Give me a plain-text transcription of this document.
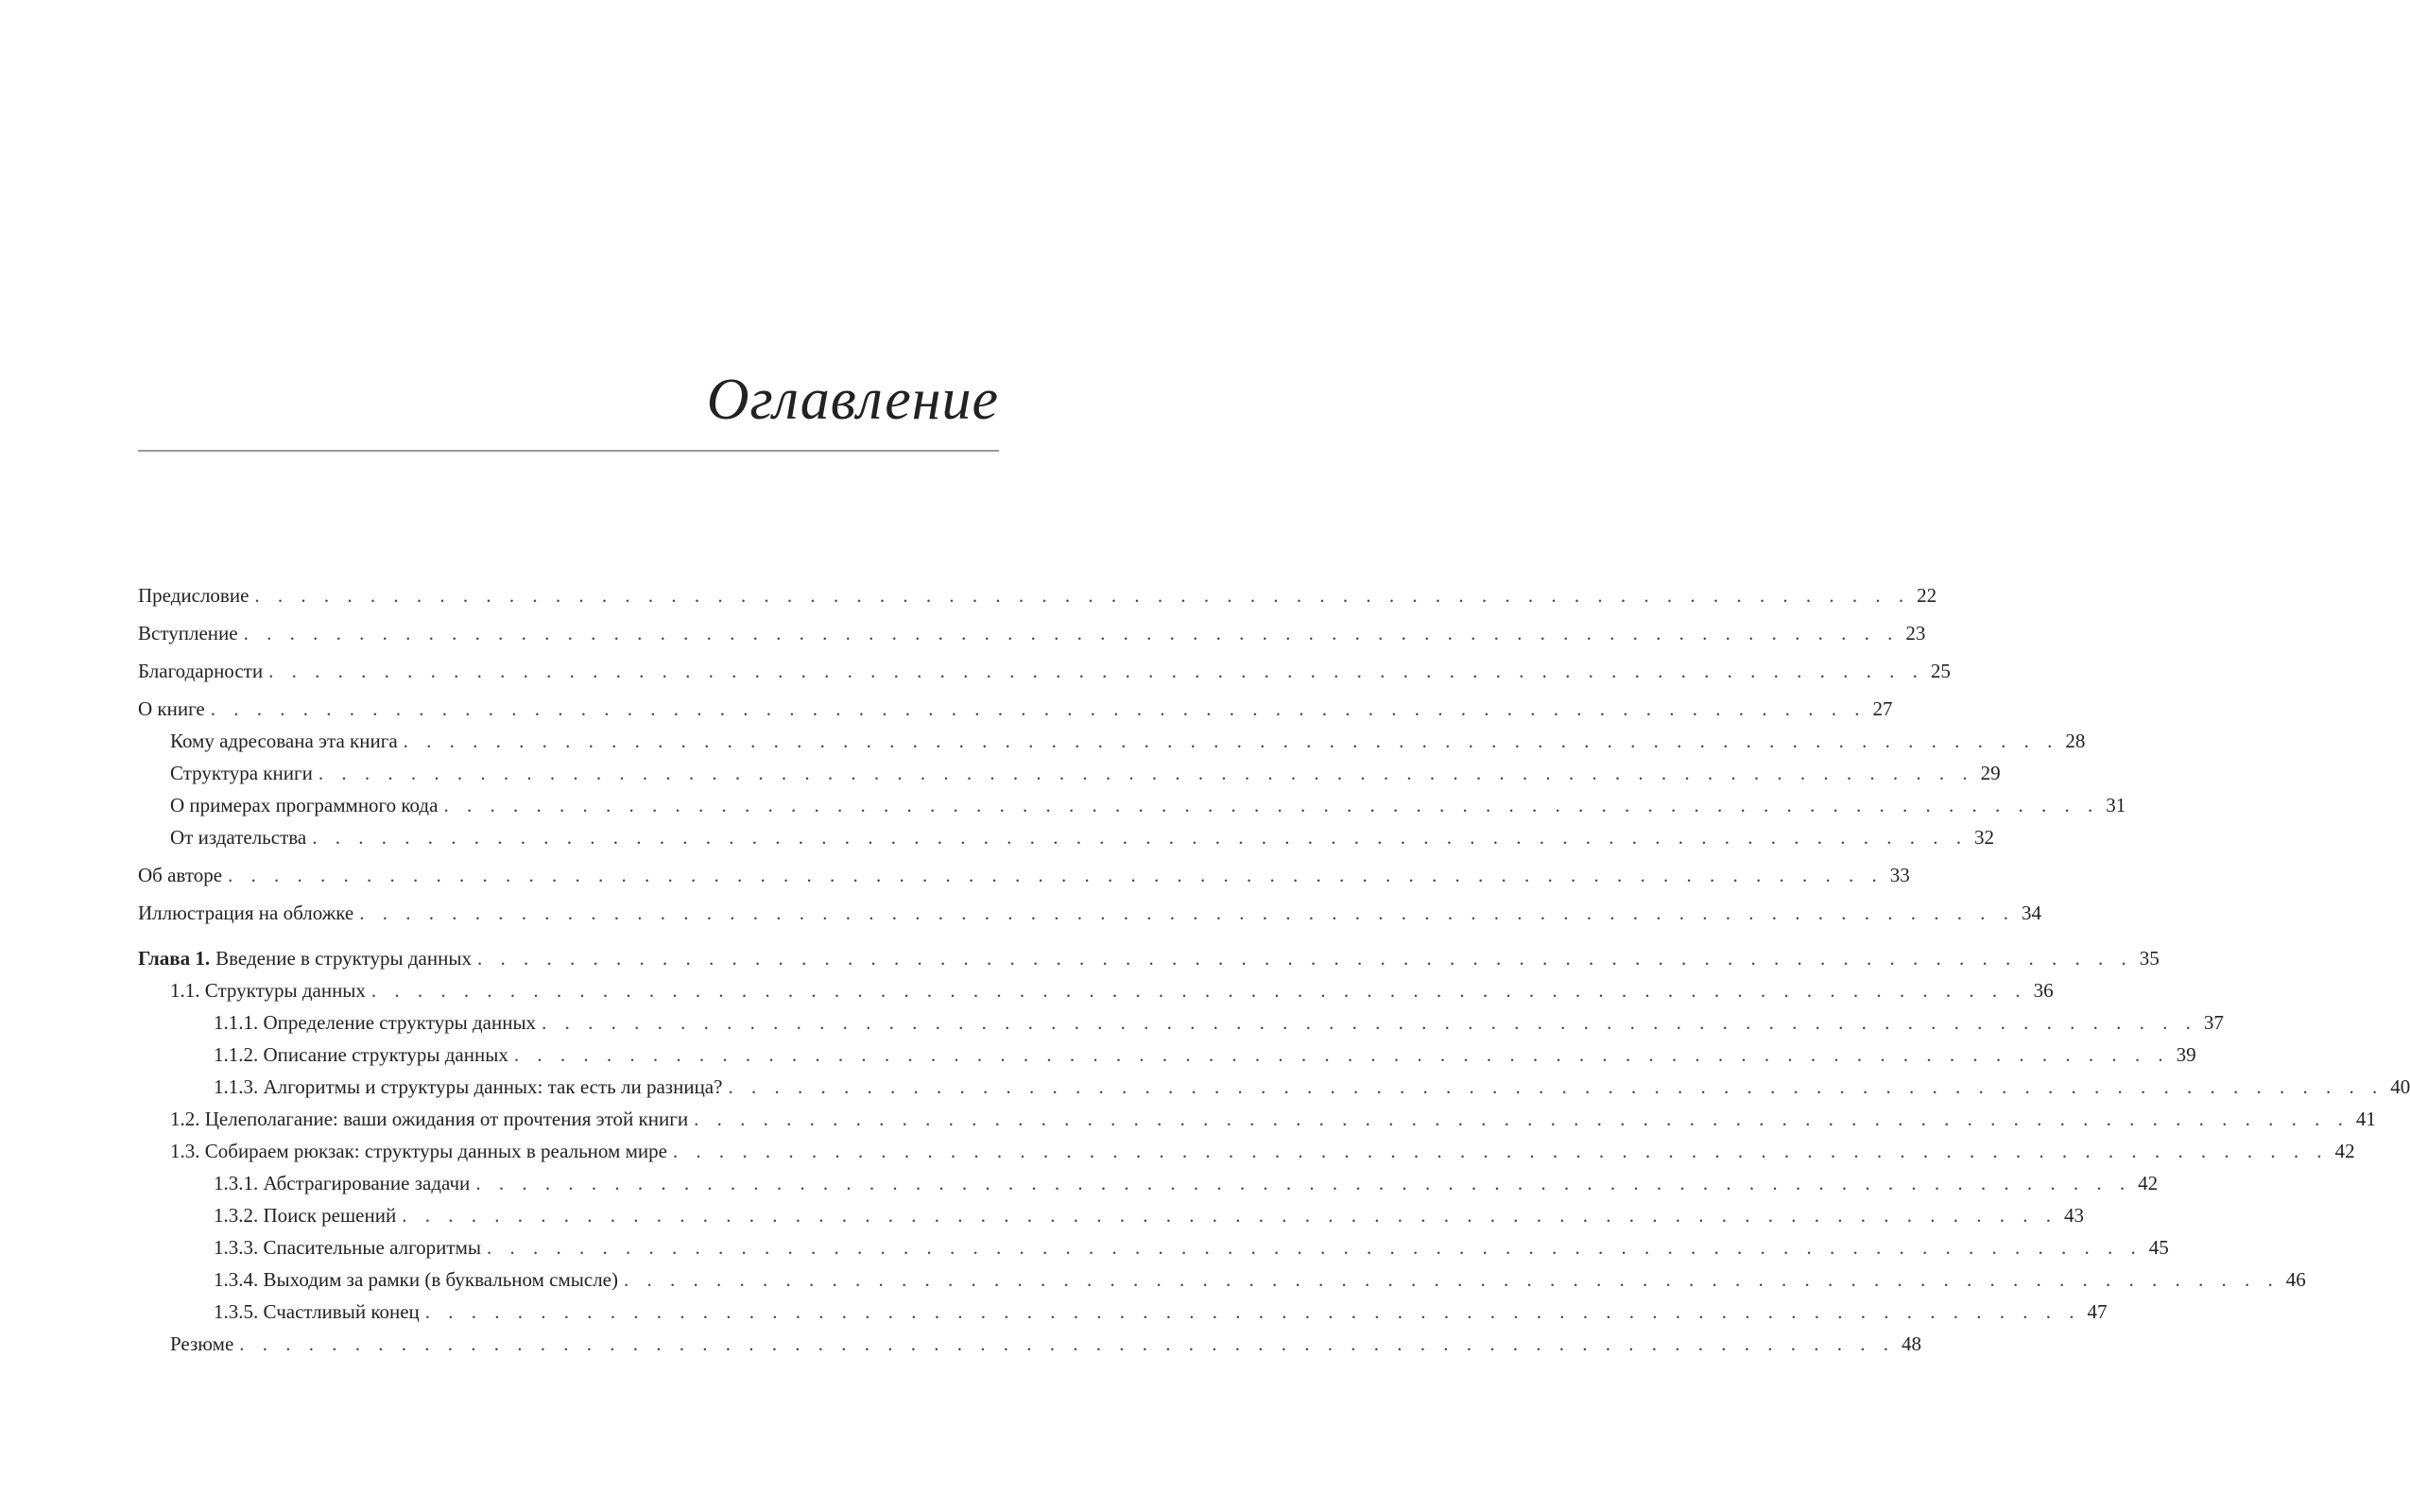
Оглавление
Предисловие . . . . . . . . . . . . . . . . . . . . . . . . . . . . . . . . . . . . . . . . . . . . . . . . . . . . . . . . . . . . . . . . . . . . . . . . 22
Вступление . . . . . . . . . . . . . . . . . . . . . . . . . . . . . . . . . . . . . . . . . . . . . . . . . . . . . . . . . . . . . . . . . . . . . . . . 23
Благодарности . . . . . . . . . . . . . . . . . . . . . . . . . . . . . . . . . . . . . . . . . . . . . . . . . . . . . . . . . . . . . . . . . . . . . . . . 25
О книге . . . . . . . . . . . . . . . . . . . . . . . . . . . . . . . . . . . . . . . . . . . . . . . . . . . . . . . . . . . . . . . . . . . . . . . . 27
Кому адресована эта книга . . . . . . . . . . . . . . . . . . . . . . . . . . . . . . . . . . . . . . . . . . . . . . . . . . . . . . . . . . . . . . . . . . . . . . . . 28
Структура книги . . . . . . . . . . . . . . . . . . . . . . . . . . . . . . . . . . . . . . . . . . . . . . . . . . . . . . . . . . . . . . . . . . . . . . . . 29
О примерах программного кода . . . . . . . . . . . . . . . . . . . . . . . . . . . . . . . . . . . . . . . . . . . . . . . . . . . . . . . . . . . . . . . . . . . . . . . . 31
От издательства . . . . . . . . . . . . . . . . . . . . . . . . . . . . . . . . . . . . . . . . . . . . . . . . . . . . . . . . . . . . . . . . . . . . . . . . 32
Об авторе . . . . . . . . . . . . . . . . . . . . . . . . . . . . . . . . . . . . . . . . . . . . . . . . . . . . . . . . . . . . . . . . . . . . . . . . 33
Иллюстрация на обложке . . . . . . . . . . . . . . . . . . . . . . . . . . . . . . . . . . . . . . . . . . . . . . . . . . . . . . . . . . . . . . . . . . . . . . . . 34
Глава 1. Введение в структуры данных . . . . . . . . . . . . . . . . . . . . . . . . . . . . . . . . . . . . . . . . . . . . . . . . . . . . . . . . . . . . . . . . . . . . . . . . 35
1.1. Структуры данных . . . . . . . . . . . . . . . . . . . . . . . . . . . . . . . . . . . . . . . . . . . . . . . . . . . . . . . . . . . . . . . . . . . . . . . . 36
1.1.1. Определение структуры данных . . . . . . . . . . . . . . . . . . . . . . . . . . . . . . . . . . . . . . . . . . . . . . . . . . . . . . . . . . . . . . . . . . . . . . . . 37
1.1.2. Описание структуры данных . . . . . . . . . . . . . . . . . . . . . . . . . . . . . . . . . . . . . . . . . . . . . . . . . . . . . . . . . . . . . . . . . . . . . . . . 39
1.1.3. Алгоритмы и структуры данных: так есть ли разница? . . . . . . . . . . . . . . . . . . . . . . . . . . . . . . . . . . . . . . . . . . . . . . . . . . . . . . . . . . . . . . . . . . . . . . . . 40
1.2. Целеполагание: ваши ожидания от прочтения этой книги . . . . . . . . . . . . . . . . . . . . . . . . . . . . . . . . . . . . . . . . . . . . . . . . . . . . . . . . . . . . . . . . . . . . . . . . 41
1.3. Собираем рюкзак: структуры данных в реальном мире . . . . . . . . . . . . . . . . . . . . . . . . . . . . . . . . . . . . . . . . . . . . . . . . . . . . . . . . . . . . . . . . . . . . . . . . 42
1.3.1. Абстрагирование задачи . . . . . . . . . . . . . . . . . . . . . . . . . . . . . . . . . . . . . . . . . . . . . . . . . . . . . . . . . . . . . . . . . . . . . . . . 42
1.3.2. Поиск решений . . . . . . . . . . . . . . . . . . . . . . . . . . . . . . . . . . . . . . . . . . . . . . . . . . . . . . . . . . . . . . . . . . . . . . . . 43
1.3.3. Спасительные алгоритмы . . . . . . . . . . . . . . . . . . . . . . . . . . . . . . . . . . . . . . . . . . . . . . . . . . . . . . . . . . . . . . . . . . . . . . . . 45
1.3.4. Выходим за рамки (в буквальном смысле) . . . . . . . . . . . . . . . . . . . . . . . . . . . . . . . . . . . . . . . . . . . . . . . . . . . . . . . . . . . . . . . . . . . . . . . . 46
1.3.5. Счастливый конец . . . . . . . . . . . . . . . . . . . . . . . . . . . . . . . . . . . . . . . . . . . . . . . . . . . . . . . . . . . . . . . . . . . . . . . . 47
Резюме . . . . . . . . . . . . . . . . . . . . . . . . . . . . . . . . . . . . . . . . . . . . . . . . . . . . . . . . . . . . . . . . . . . . . . . . 48
